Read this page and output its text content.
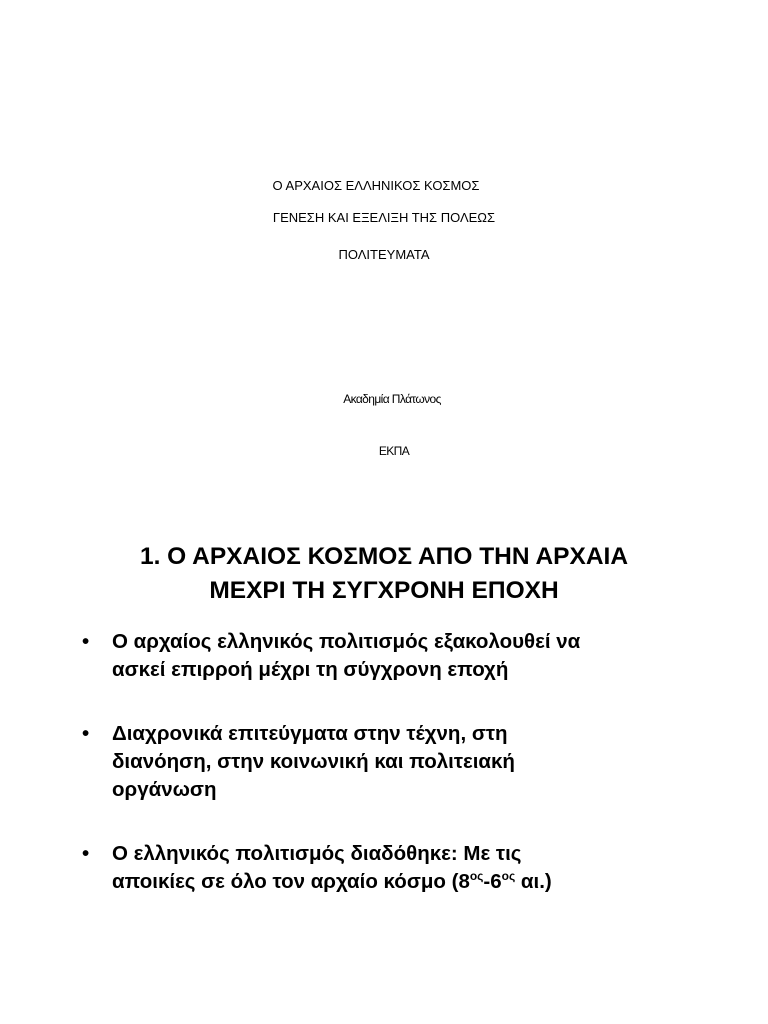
Ο ΑΡΧΑΙΟΣ ΕΛΛΗΝΙΚΟΣ ΚΟΣΜΟΣ
ΓΕΝΕΣΗ ΚΑΙ ΕΞΕΛΙΞΗ ΤΗΣ ΠΟΛΕΩΣ
ΠΟΛΙΤΕΥΜΑΤΑ
Ακαδημία Πλάτωνος
ΕΚΠΑ
1. Ο ΑΡΧΑΙΟΣ ΚΟΣΜΟΣ ΑΠΟ ΤΗΝ ΑΡΧΑΙΑ
ΜΕΧΡΙ ΤΗ ΣΥΓΧΡΟΝΗ ΕΠΟΧΗ
• Ο αρχαίος ελληνικός πολιτισμός εξακολουθεί να
ασκεί επιρροή μέχρι τη σύγχρονη εποχή
• Διαχρονικά επιτεύγματα στην τέχνη, στη
διανόηση, στην κοινωνική και πολιτειακή
οργάνωση
• Ο ελληνικός πολιτισμός διαδόθηκε: Με τις
αποικίες σε όλο τον αρχαίο κόσμο ($8^{o\varsigma}-6^{o\varsigma}$ αι.)
